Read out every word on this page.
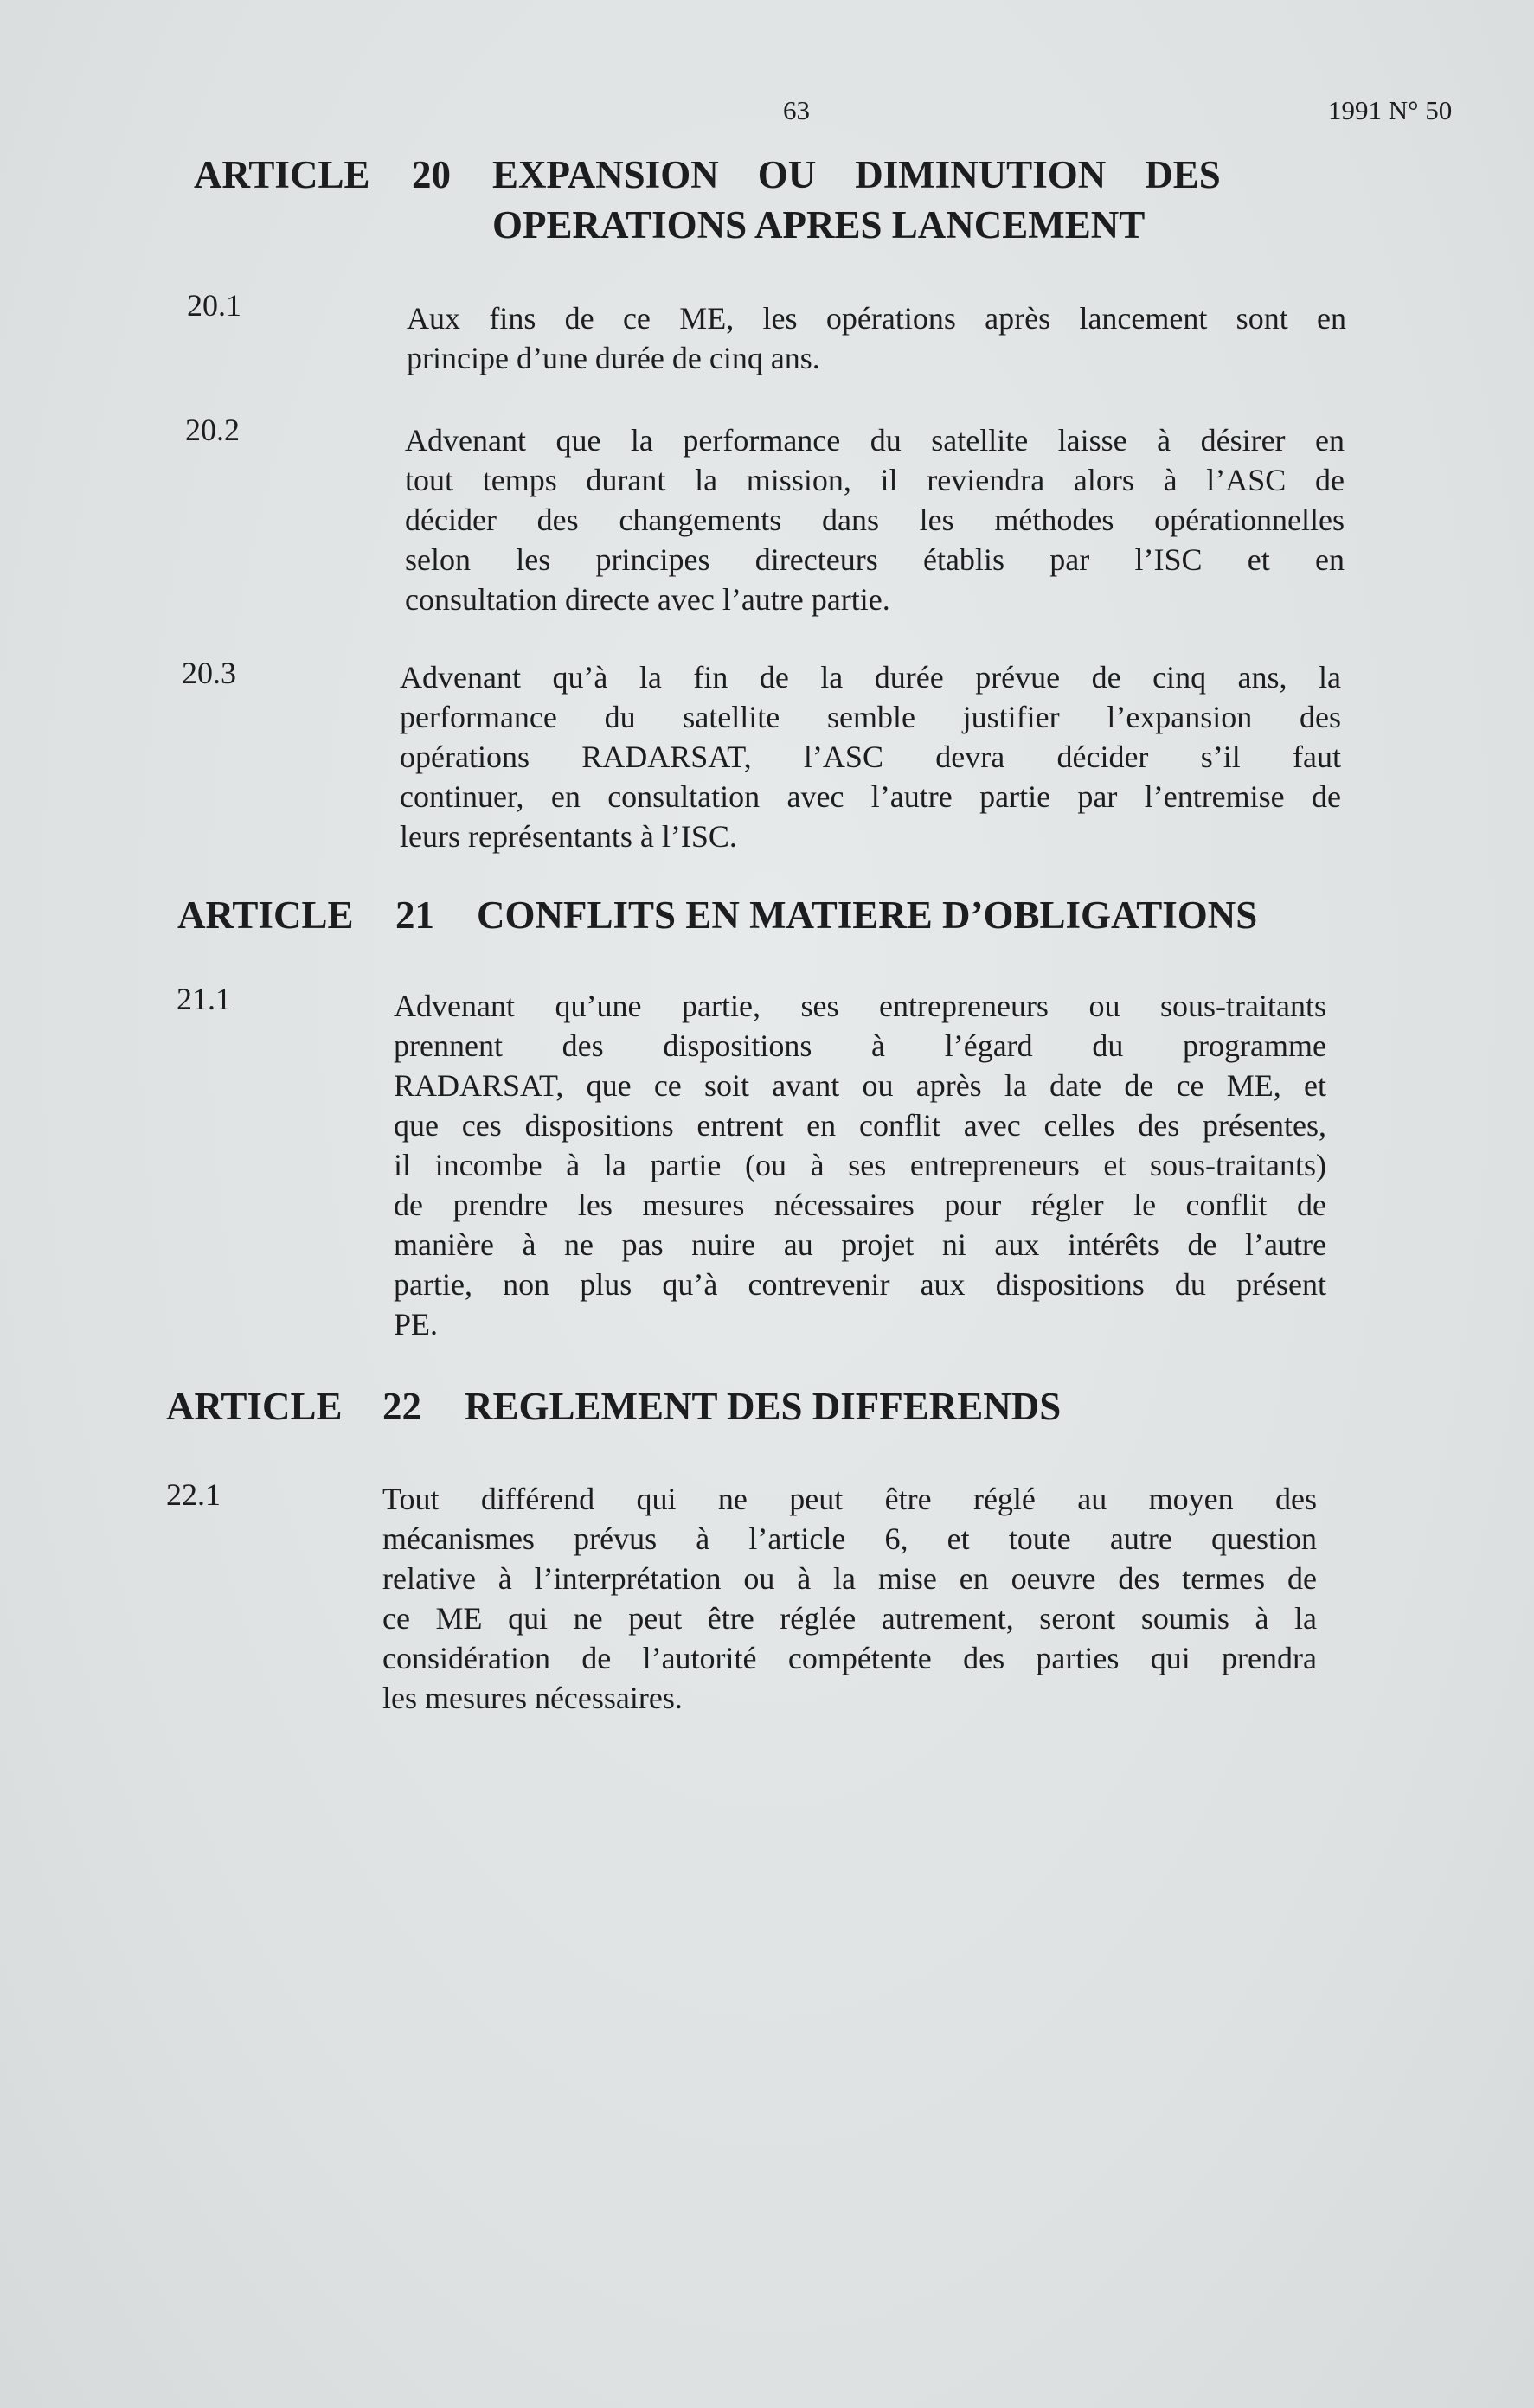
63	1991 N° 50
ARTICLE 20 EXPANSION    OU    DIMINUTION    DES
OPERATIONS APRES LANCEMENT
20.1	Aux fins de ce ME, les opérations après lancement sont en
principe d’une durée de cinq ans.
20.2	Advenant que la performance du satellite laisse à désirer en
tout temps durant la mission, il reviendra alors à l’ASC de
décider des changements dans les méthodes opérationnelles
selon les principes directeurs établis par l’ISC et en
consultation directe avec l’autre partie.
20.3	Advenant qu’à la fin de la durée prévue de cinq ans, la
performance du satellite semble justifier l’expansion des
opérations RADARSAT, l’ASC devra décider s’il faut
continuer, en consultation avec l’autre partie par l’entremise de
leurs représentants à l’ISC.
ARTICLE 21 CONFLITS EN MATIERE D’OBLIGATIONS
21.1	Advenant qu’une partie, ses entrepreneurs ou sous-traitants
prennent des dispositions à l’égard du programme
RADARSAT, que ce soit avant ou après la date de ce ME, et
que ces dispositions entrent en conflit avec celles des présentes,
il incombe à la partie (ou à ses entrepreneurs et sous-traitants)
de prendre les mesures nécessaires pour régler le conflit de
manière à ne pas nuire au projet ni aux intérêts de l’autre
partie, non plus qu’à contrevenir aux dispositions du présent
PE.
ARTICLE 22 REGLEMENT DES DIFFERENDS
22.1	Tout différend qui ne peut être réglé au moyen des
mécanismes prévus à l’article 6, et toute autre question
relative à l’interprétation ou à la mise en oeuvre des termes de
ce ME qui ne peut être réglée autrement, seront soumis à la
considération de l’autorité compétente des parties qui prendra
les mesures nécessaires.
